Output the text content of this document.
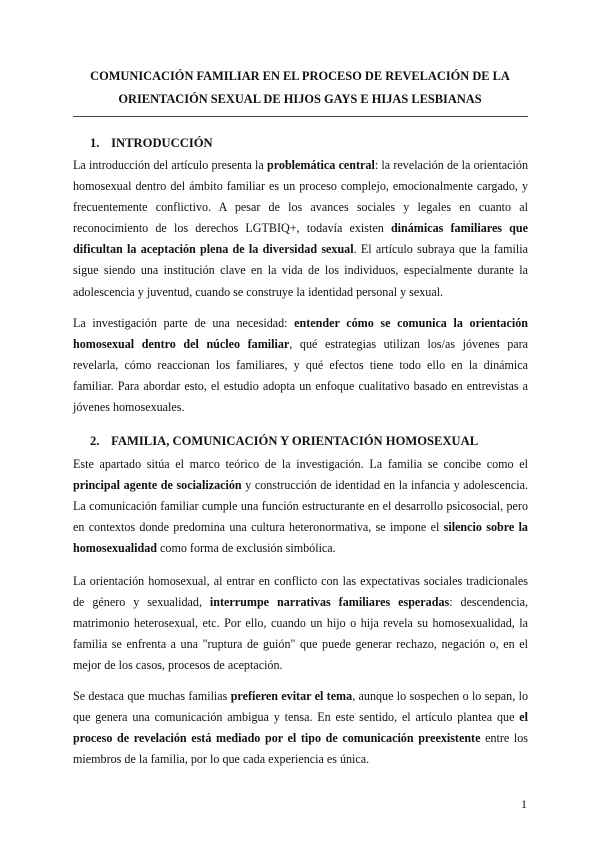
COMUNICACIÓN FAMILIAR EN EL PROCESO DE REVELACIÓN DE LA ORIENTACIÓN SEXUAL DE HIJOS GAYS E HIJAS LESBIANAS
1. INTRODUCCIÓN

La introducción del artículo presenta la problemática central: la revelación de la orientación homosexual dentro del ámbito familiar es un proceso complejo, emocionalmente cargado, y frecuentemente conflictivo. A pesar de los avances sociales y legales en cuanto al reconocimiento de los derechos LGTBIQ+, todavía existen dinámicas familiares que dificultan la aceptación plena de la diversidad sexual. El artículo subraya que la familia sigue siendo una institución clave en la vida de los individuos, especialmente durante la adolescencia y juventud, cuando se construye la identidad personal y sexual.

La investigación parte de una necesidad: entender cómo se comunica la orientación homosexual dentro del núcleo familiar, qué estrategias utilizan los/as jóvenes para revelarla, cómo reaccionan los familiares, y qué efectos tiene todo ello en la dinámica familiar. Para abordar esto, el estudio adopta un enfoque cualitativo basado en entrevistas a jóvenes homosexuales.

2. FAMILIA, COMUNICACIÓN Y ORIENTACIÓN HOMOSEXUAL

Este apartado sitúa el marco teórico de la investigación. La familia se concibe como el principal agente de socialización y construcción de identidad en la infancia y adolescencia. La comunicación familiar cumple una función estructurante en el desarrollo psicosocial, pero en contextos donde predomina una cultura heteronormativa, se impone el silencio sobre la homosexualidad como forma de exclusión simbólica.

La orientación homosexual, al entrar en conflicto con las expectativas sociales tradicionales de género y sexualidad, interrumpe narrativas familiares esperadas: descendencia, matrimonio heterosexual, etc. Por ello, cuando un hijo o hija revela su homosexualidad, la familia se enfrenta a una "ruptura de guión" que puede generar rechazo, negación o, en el mejor de los casos, procesos de aceptación.

Se destaca que muchas familias prefieren evitar el tema, aunque lo sospechen o lo sepan, lo que genera una comunicación ambigua y tensa. En este sentido, el artículo plantea que el proceso de revelación está mediado por el tipo de comunicación preexistente entre los miembros de la familia, por lo que cada experiencia es única.

1
